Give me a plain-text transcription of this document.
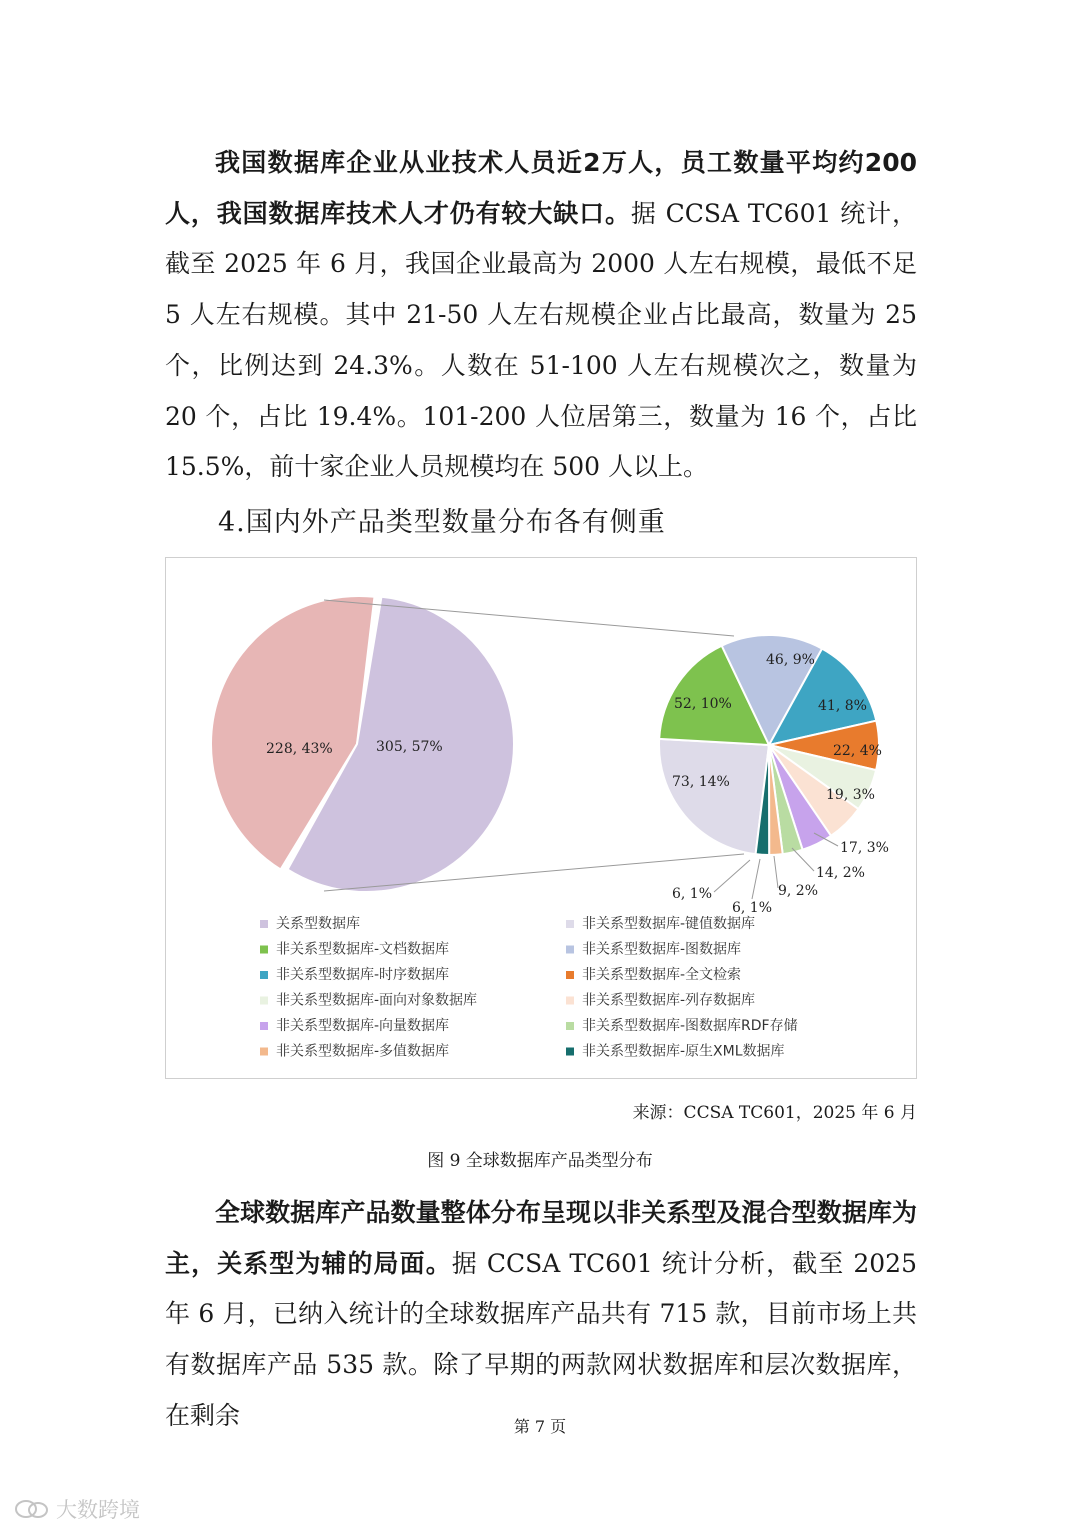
我国数据库企业从业技术人员近2万人，员工数量平均约200人，我国数据库技术人才仍有较大缺口。据 CCSA TC601 统计，截至 2025 年 6 月，我国企业最高为 2000 人左右规模，最低不足 5 人左右规模。其中 21-50 人左右规模企业占比最高，数量为 25 个，比例达到 24.3%。人数在 51-100 人左右规模次之，数量为 20 个，占比 19.4%。101-200 人位居第三，数量为 16 个，占比 15.5%，前十家企业人员规模均在 500 人以上。

4.国内外产品类型数量分布各有侧重

228, 43%	305, 57%
73, 14%
52, 10%
46, 9%
41, 8%
22, 4%
19, 3%
17, 3%
14, 2%
9, 2%
6, 1%
6, 1%
关系型数据库	非关系型数据库-键值数据库
非关系型数据库-文档数据库	非关系型数据库-图数据库
非关系型数据库-时序数据库	非关系型数据库-全文检索
非关系型数据库-面向对象数据库	非关系型数据库-列存数据库
非关系型数据库-向量数据库	非关系型数据库-图数据库RDF存储
非关系型数据库-多值数据库	非关系型数据库-原生XML数据库

来源：CCSA TC601，2025 年 6 月

图 9 全球数据库产品类型分布

全球数据库产品数量整体分布呈现以非关系型及混合型数据库为主，关系型为辅的局面。据 CCSA TC601 统计分析，截至 2025 年 6 月，已纳入统计的全球数据库产品共有 715 款，目前市场上共有数据库产品 535 款。除了早期的两款网状数据库和层次数据库，在剩余	第 7 页

大数跨境
